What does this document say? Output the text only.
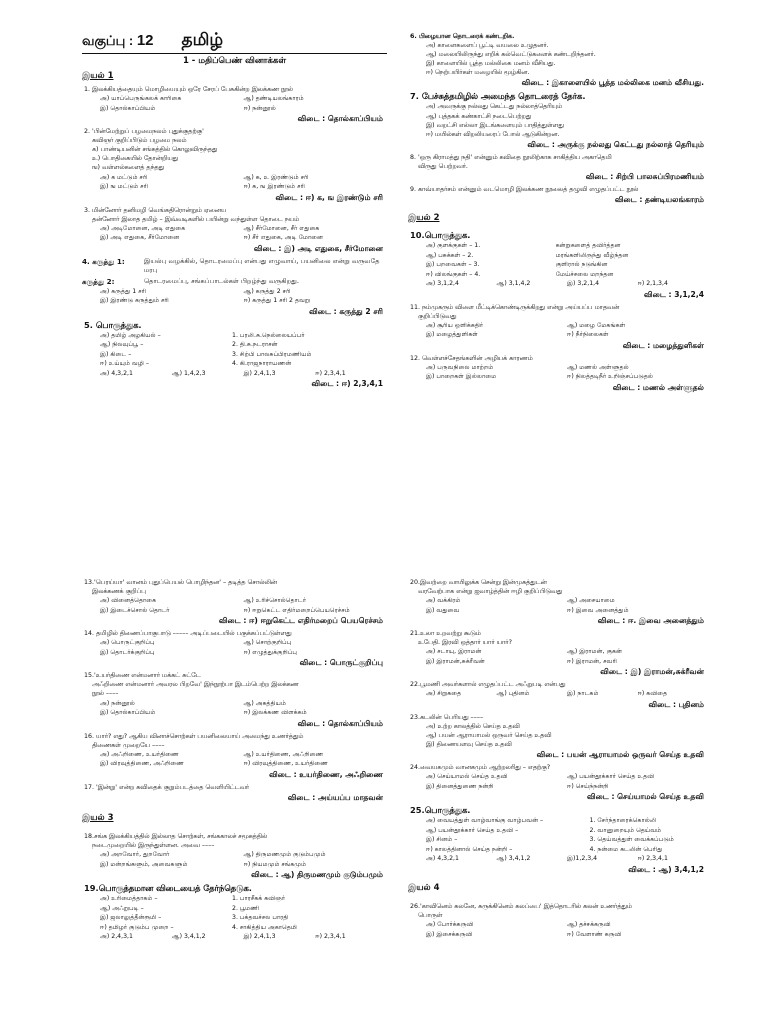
வகுப்பு : 12 தமிழ்
1 - மதிப்பெண் வினாக்கள்
இயல் 1
1. இலக்கியத்தையும் மொழியையும் ஒரே சேரப் பேசுகின்ற இலக்கண நூல்
அ) யாப்பெருங்கலக் காரிகை	ஆ) தண்டியலங்காரம்
இ) தொல்காப்பியம்	ஈ) நன்னூல்
விடை : தொல்காப்பியம்
2. 'பின்மேற்றுப் பழமைநலம் புதுக்குதற்கு'
கவிஞர் குறிப்பிடும் பழமை நலம்
க) பாண்டியனின் சங்கத்தில் கொலுவிருந்தது
உ) பொதிகையில் தோன்றியது
ங) வள்ளல்களைத் தந்தது
அ) க மட்டும் சரி	ஆ) க, உ இரண்டும் சரி
இ) ங மட்டும் சரி	ஈ) க, ங இரண்டும் சரி
விடை : ஈ) க, ங இரண்டும் சரி
3. மின்னோர் தனிமழி வெங்கதிரொன்றும் ஏனைய
தன்னோர் இலாத தமிழ் – இவ்வடிகளில் பயின்று வந்துள்ள தொடை நயம்
அ) அடிமோனை, அடி எதுகை	ஆ) சீர்மோனை, சீர் எதுகை
இ) அடி எதுகை, சீர்மோனை	ஈ) சீர் எதுகை, அடி மோனை
விடை : இ) அடி எதுகை, சீர்மோனை
4. கருத்து 1:	இயல்பு வழக்கில், தொடரமைப்பு என்பது எழுவாய், பயனிலை என்று வருவதே மரபு
கருத்து 2:	தொடரமைப்பு, சங்கப்பாடல்கள் பிறழ்ந்து வருகிறது.
அ) கருத்து 1 சரி	ஆ) கருத்து 2 சரி
இ) இரண்டு கருத்தும் சரி	ஈ) கருத்து 1 சரி 2 தவறு
விடை : கருத்து 2 சரி
5. பொருத்துக.
அ) தமிழ் அழகியல் –	1. பரலி.சு.நெல்லையப்பர்
ஆ) நிலவுப்பூ –	2. தி.சு.நடராசன்
இ) கிடை –	3. சிற்பி பாலசுப்பிரமணியம்
ஈ) உய்யும் வழி –	4. கி.ராஜநாராயணன்
அ) 4,3,2,1	ஆ) 1,4,2,3	இ) 2,4,1,3	ஈ) 2,3,4,1
விடை : ஈ) 2,3,4,1
6. பிழையான தொடரைக் கண்டறிக.
அ) காளைகளைப் பூட்டி வயலை உழுதனர்.
ஆ) மலையிலிருந்து எறிக் கல்வெட்டுகளைக் கண்டறிந்தனர்.
இ) காளையில் பூத்த மல்லிகை மனம் வீசியது.
ஈ) நெற்பயிர்கள் மழையில் மூழ்கின.
விடை : இகாளையில் பூத்த மல்லிகை மனம் வீசியது.
7. பேச்சுத்தமிழில் அமைந்த தொடரைத் தேர்க.
அ) அவருக்கு நல்லது கெட்டது நல்லாத்தெரியும்
ஆ) புத்தகக் கண்காட்சி நடைபெற்றது
இ) வறட்சி எல்லா இடங்களையும் பாதித்துள்ளது
ஈ) மயில்கள் விறலியரைப் போல் ஆடுகின்றன.
விடை : அருக்கு நல்லது கெட்டது நல்லாத் தெரியும்
8. 'ஒரு கிராமத்து நதி' என்னும் கவிதை நூலிற்காக சாகித்திய அகாதெமி
விருது பெற்றவர்.
விடை : சிற்பி பாலசுப்பிரமணியம்
9. காவ்யாதர்சம் என்னும் வடமொழி இலக்கண நூலைத் தழுவி எழுதப்பட்ட நூல்
விடை : தண்டியலங்காரம்
இயல் 2
10.பொருத்துக.
அ) குளக்குகள் – 1.	கன்றுகளைத் தவிர்த்தன
ஆ) பசுக்கள் – 2.	மரங்களிலிருந்து வீழ்ந்தன
இ) பறவைகள் – 3.	குளிரால் நடுங்கின
ஈ) விலங்குகள் – 4.	மேய்ச்சலை மறந்தன
அ) 3,1,2,4	ஆ) 3,1,4,2	இ) 3,2,1,4	ஈ) 2,1,3,4
விடை : 3,1,2,4
11. நம்முகரும் விளை மீட்டிக்கொண்டிருக்கிறது என்று அய்யப்ப மாதவன்
குறிப்பிடுவது
அ) சூரிய ஒளிக்கதிர்	ஆ) மழை மேகங்கள்
இ) மழைத்துளிகள்	ஈ) நீர்நிலைகள்
விடை : மழைத்துளிகள்
12. வெள்ளச்சேதங்களின் அழியக் காரணம்
அ) பருவநிலை மாற்றம்	ஆ) மணல் அள்ளுதல்
இ) பாறைகள் இல்லாமை	ஈ) நிலத்தடிநீர் உறிஞ்சப்படுதல்
விடை : மணல் அள்ளுதல்
13.'பெரய்யா' வானம் புதுப்பெயல் பொழிந்தன' – தடித்த சொல்லின்
இலக்கணக் குறிப்பு
அ) வினைத்தொகை	ஆ) உரிச்சொல்தொடர்
இ) இடைச்சொல் தொடர்	ஈ) ஈறுகெட்ட எதிர்மறைப்பெயரெச்சம்
விடை : ஈ) ஈறுகெட்ட எதிர்மறைப் பெயரெச்சம்
14. தமிழில் திணைப்பாகுபாடு ––––– அடிப்படையில் பகுக்கப்பட்டுள்ளது
அ) பொருட்குறிப்பு	ஆ) சொற்குறிப்பு
இ) தொடர்க்குறிப்பு	ஈ) எழுத்துக்குறிப்பு
விடை : பொருட்குறிப்பு
15.'உயர்திணை என்மனார் மக்கட் சுட்டே
அஃறிணை என்மனார் அவரல பிறவே' இந்நூற்பா இடம்பெற்ற இலக்கண
நூல் ––––
அ) நன்னூல்	ஆ) அகத்தியம்
இ) தொல்காப்பியம்	ஈ) இலக்கண விளக்கம்
விடை : தொல்காப்பியம்
16. யார்? எது? ஆகிய வினாச்சொற்கள் பயனிலையாய் அமைந்து உணர்த்தும்
திணைகள் முறையே ––––
அ) அஃறிணை, உயர்திணை	ஆ) உயர்திணை, அஃறிணை
இ) விரவுத்திணை, அஃறிணை	ஈ) விரவுத்திணை, உயர்திணை
விடை : உயர்திணை, அஃறிணை
17. 'இன்று' என்ற கவிதைக் குறும்படத்தை வெளியிட்டவர்
விடை : அய்யப்ப மாதவன்
இயல் 3
18.சங்க இலக்கியத்தில் இல்லாத சொற்கள், சங்ககாலச் சமூகத்தில்
நடைமுறையில் இருந்துள்ளன. அவை ––––
அ) அறவோர், துறவோர்	ஆ) திருமணமும் குடும்பமும்
இ) மன்றங்களும், அவைகளும்	ஈ) நியமமும் சங்கமும்
விடை : ஆ) திருமணமும் குடும்பமும்
19.பொருத்தமான விடையைத் தேர்ந்தெடுக.
அ) உரிமைத்தாகம் –	1. பாரசீகக் கவிஞர்
ஆ) அஃறுபடி –	2. பூமணி
இ) ஜலாலுத்தீன்ரூமி –	3. பக்தவச்சல பாரதி
ஈ) தமிழர் குடும்ப முறை –	4. சாகித்திய அகாதெமி
அ) 2,4,3,1	ஆ) 3,4,1,2	இ) 2,4,1,3	ஈ) 2,3,4,1
20.இவற்றை வாயிலுக்க சென்று இன்முகத்துடன்
வரவேற்பாக என்று ஐவாழ்த்தின் ஈழி குறிப்பிடுவது
அ) வக்கிரம்	ஆ) அசையாமை
இ) வதுவை	ஈ) இவை அனைத்தும்
விடை : ஈ. இவை அனைத்தும்
21.உலா உறவற்று கூடும்
உபேதி. இரவி ஒத்தார் யார் யார்?
அ) சடாயு, இராமன்	ஆ) இராமன், குகன்
இ) இராமன்,சுக்ரீவன்	ஈ) இராமன், சவரி
விடை : இ) இராமன்,சுக்ரீவன்
22.பூமணி அவர்களால் எழுதப்பட்ட அஃறுபடி என்பது
அ) சிறுகதை	ஆ) புதினம்	இ) நாடகம்	ஈ) கவிதை
விடை : புதினம்
23.கடலின் பெரியது ––––
அ) உற்ற காலத்தில் செய்த உதவி
ஆ) பயன் ஆராயாமல் ஒருவர் செய்த உதவி
இ) திணையளவு செய்த உதவி
விடை : பயன் ஆராயாமல் ஒருவர் செய்த உதவி
24.வையகமும் வானகமும் ஆற்றலரிது – எதற்கு?
அ) செய்யாமல் செய்த உதவி	ஆ) பயன்தூக்கார் செய்த உதவி
இ) தினைத்துணை நன்றி	ஈ) செய்ந்நன்றி
விடை : செய்யாமல் செய்த உதவி
25.பொருத்துக.
அ) வையத்துள் வாழ்வாங்கு வாழ்பவன் –	1. சேர்ந்தாரைக்கொல்லி
ஆ) பயன்தூக்கார் செய்த உதவி –	2. வானுறையும் தெய்வம்
இ) சினம் –	3. தெய்வத்துள் வைக்கப்படும்
ஈ) காலத்தினால் செய்த நன்றி –	4. நன்மை கடலின் பெரிது
அ) 4,3,2,1	ஆ) 3,4,1,2	இ)1,2,3,4	ஈ) 2,3,4,1
விடை : ஆ) 3,4,1,2
இயல் 4
26.'காவினெம் கலனே, சுருக்கினெம் கலப்பை' இத்தொடரில் கலன் உணர்த்தும்
பொருள்
அ) போர்க்கருவி	ஆ) தச்சக்கருவி
இ) இசைக்கருவி	ஈ) வேளாண் கருவி
